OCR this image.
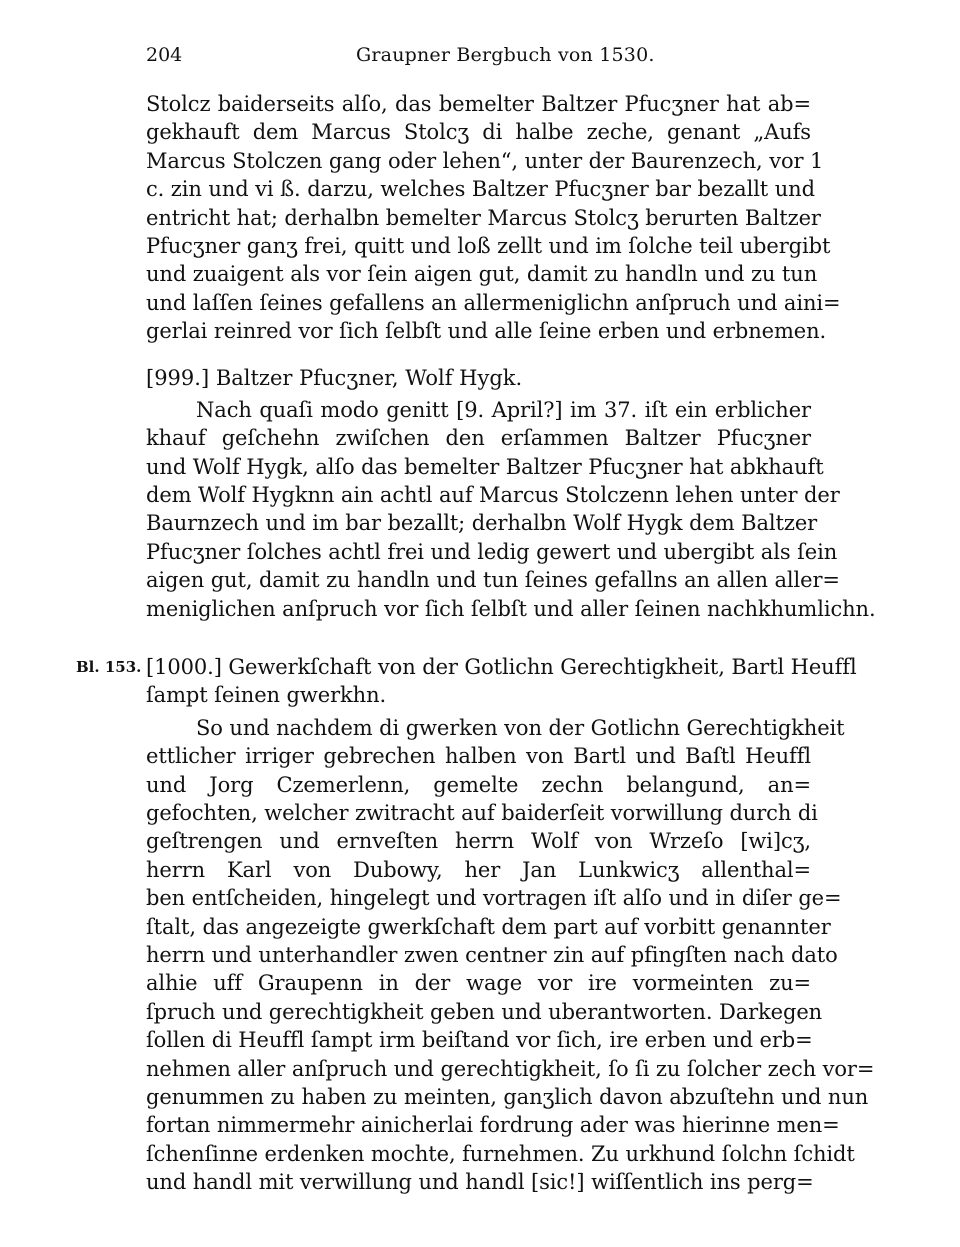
204	Graupner Bergbuch von 1530.
Stolcz baiderseits alſo, das bemelter Baltzer Pfucʒner hat ab=
gekhauft dem Marcus Stolcʒ di halbe zeche, genant „Aufs
Marcus Stolczen gang oder lehen“, unter der Baurenzech, vor 1
c. zin und vi ß. darzu, welches Baltzer Pfucʒner bar bezallt und
entricht hat; derhalbn bemelter Marcus Stolcʒ berurten Baltzer
Pfucʒner ganʒ frei, quitt und loß zellt und im ſolche teil ubergibt
und zuaigent als vor ſein aigen gut, damit zu handln und zu tun
und laſſen ſeines gefallens an allermeniglichn anſpruch und aini=
gerlai reinred vor ſich ſelbſt und alle ſeine erben und erbnemen.
[999.] Baltzer Pfucʒner, Wolf Hygk.
Nach quaſi modo genitt [9. April?] im 37. iſt ein erblicher
khauf geſchehn zwiſchen den erſammen Baltzer Pfucʒner
und Wolf Hygk, alſo das bemelter Baltzer Pfucʒner hat abkhauft
dem Wolf Hygknn ain achtl auf Marcus Stolczenn lehen unter der
Baurnzech und im bar bezallt; derhalbn Wolf Hygk dem Baltzer
Pfucʒner ſolches achtl frei und ledig gewert und ubergibt als ſein
aigen gut, damit zu handln und tun ſeines gefallns an allen aller=
meniglichen anſpruch vor ſich ſelbſt und aller ſeinen nachkhumlichn.
Bl. 153. [1000.] Gewerkſchaft von der Gotlichn Gerechtigkheit, Bartl Heuffl
ſampt ſeinen gwerkhn.
So und nachdem di gwerken von der Gotlichn Gerechtigkheit
ettlicher irriger gebrechen halben von Bartl und Baſtl Heuffl
und Jorg Czemerlenn, gemelte zechn belangund, an=
gefochten, welcher zwitracht auf baiderſeit vorwillung durch di
geſtrengen und ernveſten herrn Wolf von Wrzeſo [wi]cʒ,
herrn Karl von Dubowy, her Jan Lunkwicʒ allenthal=
ben entſcheiden, hingelegt und vortragen iſt alſo und in diſer ge=
ſtalt, das angezeigte gwerkſchaft dem part auf vorbitt genannter
herrn und unterhandler zwen centner zin auf pfingſten nach dato
alhie uff Graupenn in der wage vor ire vormeinten zu=
ſpruch und gerechtigkheit geben und uberantworten. Darkegen
ſollen di Heuffl ſampt irm beiſtand vor ſich, ire erben und erb=
nehmen aller anſpruch und gerechtigkheit, ſo ſi zu ſolcher zech vor=
genummen zu haben zu meinten, ganʒlich davon abzuſtehn und nun
fortan nimmermehr ainicherlai fordrung ader was hierinne men=
ſchenſinne erdenken mochte, furnehmen. Zu urkhund ſolchn ſchidt
und handl mit verwillung und handl [sic!] wiſſentlich ins perg=
